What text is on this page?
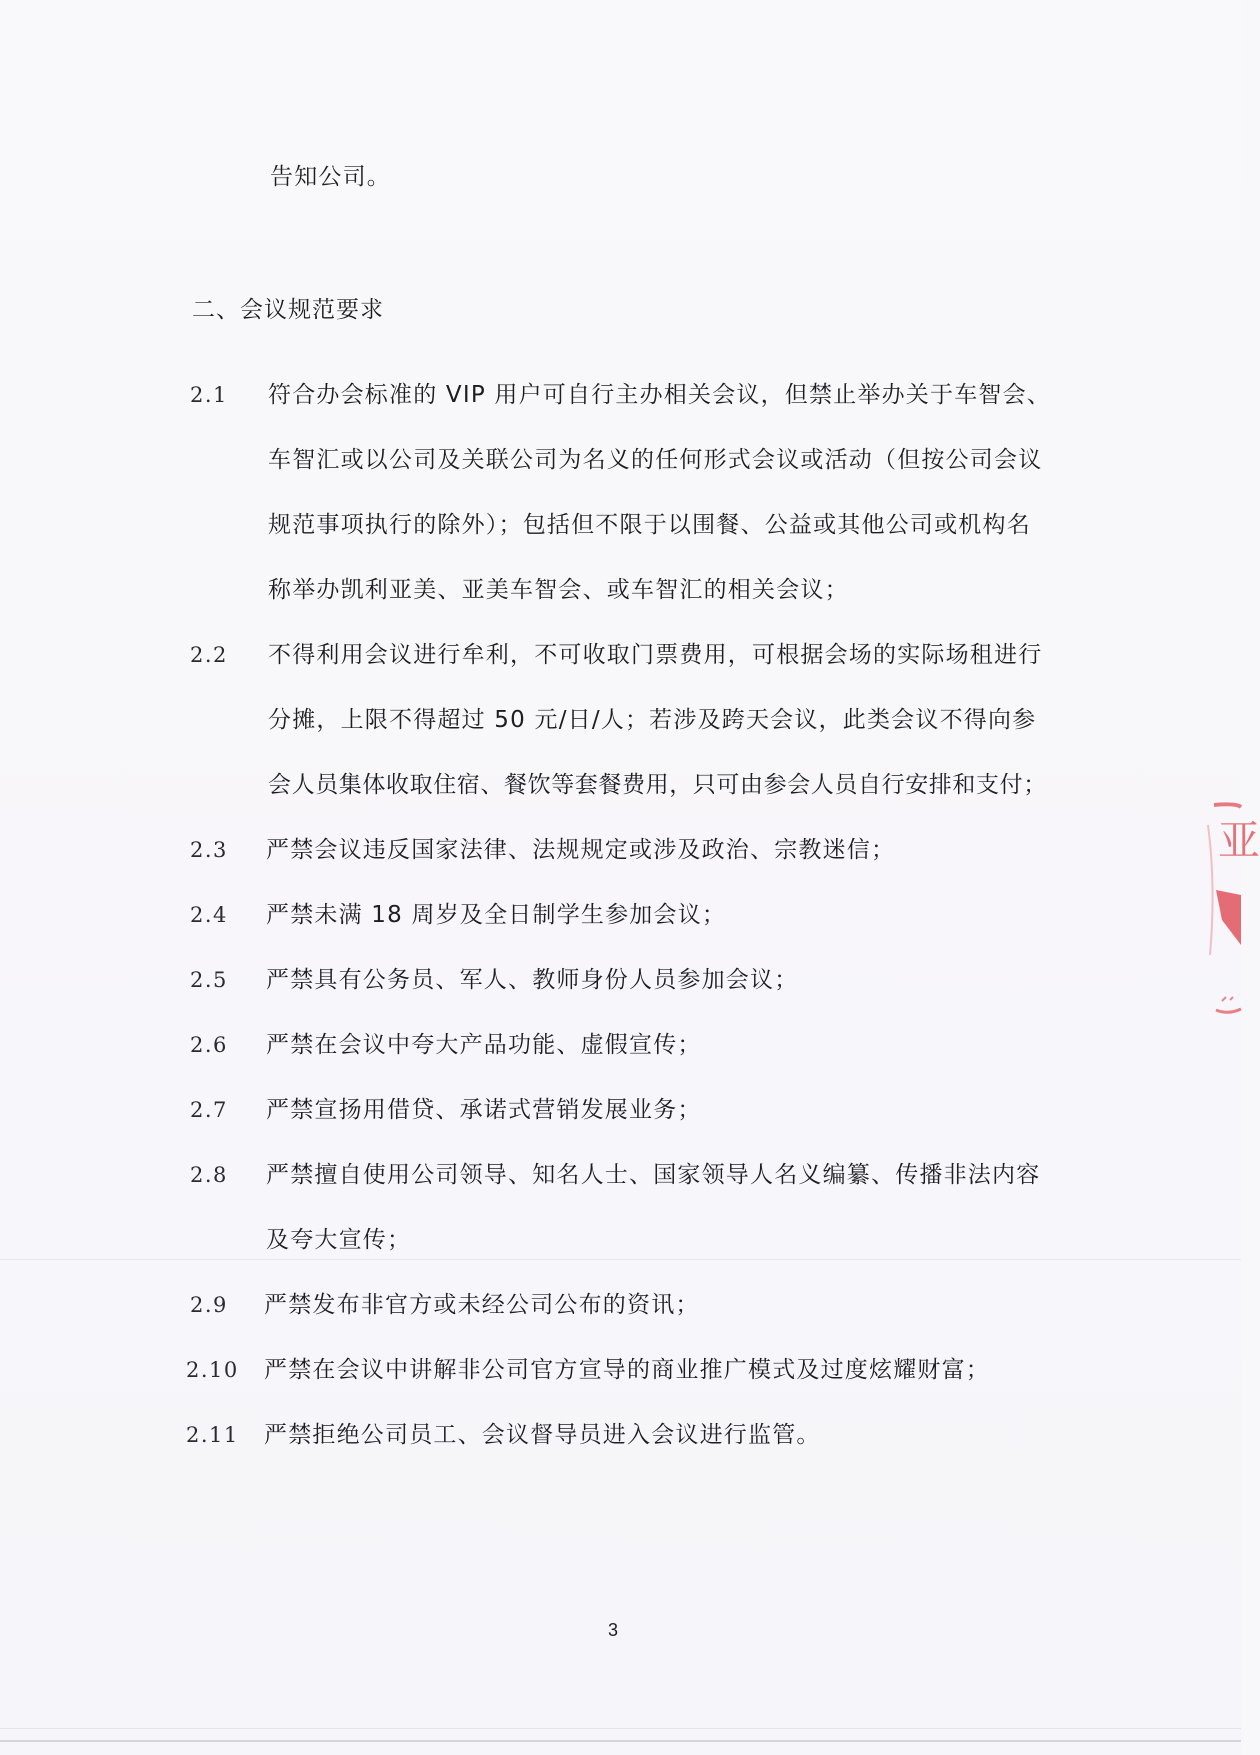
告知公司。
二、会议规范要求
2.1 符合办会标准的 VIP 用户可自行主办相关会议，但禁止举办关于车智会、
车智汇或以公司及关联公司为名义的任何形式会议或活动（但按公司会议
规范事项执行的除外）；包括但不限于以围餐、公益或其他公司或机构名
称举办凯利亚美、亚美车智会、或车智汇的相关会议；
2.2 不得利用会议进行牟利，不可收取门票费用，可根据会场的实际场租进行
分摊，上限不得超过 50 元/日/人；若涉及跨天会议，此类会议不得向参
会人员集体收取住宿、餐饮等套餐费用，只可由参会人员自行安排和支付；
2.3 严禁会议违反国家法律、法规规定或涉及政治、宗教迷信；
2.4 严禁未满 18 周岁及全日制学生参加会议；
2.5 严禁具有公务员、军人、教师身份人员参加会议；
2.6 严禁在会议中夸大产品功能、虚假宣传；
2.7 严禁宣扬用借贷、承诺式营销发展业务；
2.8 严禁擅自使用公司领导、知名人士、国家领导人名义编纂、传播非法内容
及夸大宣传；
2.9 严禁发布非官方或未经公司公布的资讯；
2.10 严禁在会议中讲解非公司官方宣导的商业推广模式及过度炫耀财富；
2.11 严禁拒绝公司员工、会议督导员进入会议进行监管。
3
亚
